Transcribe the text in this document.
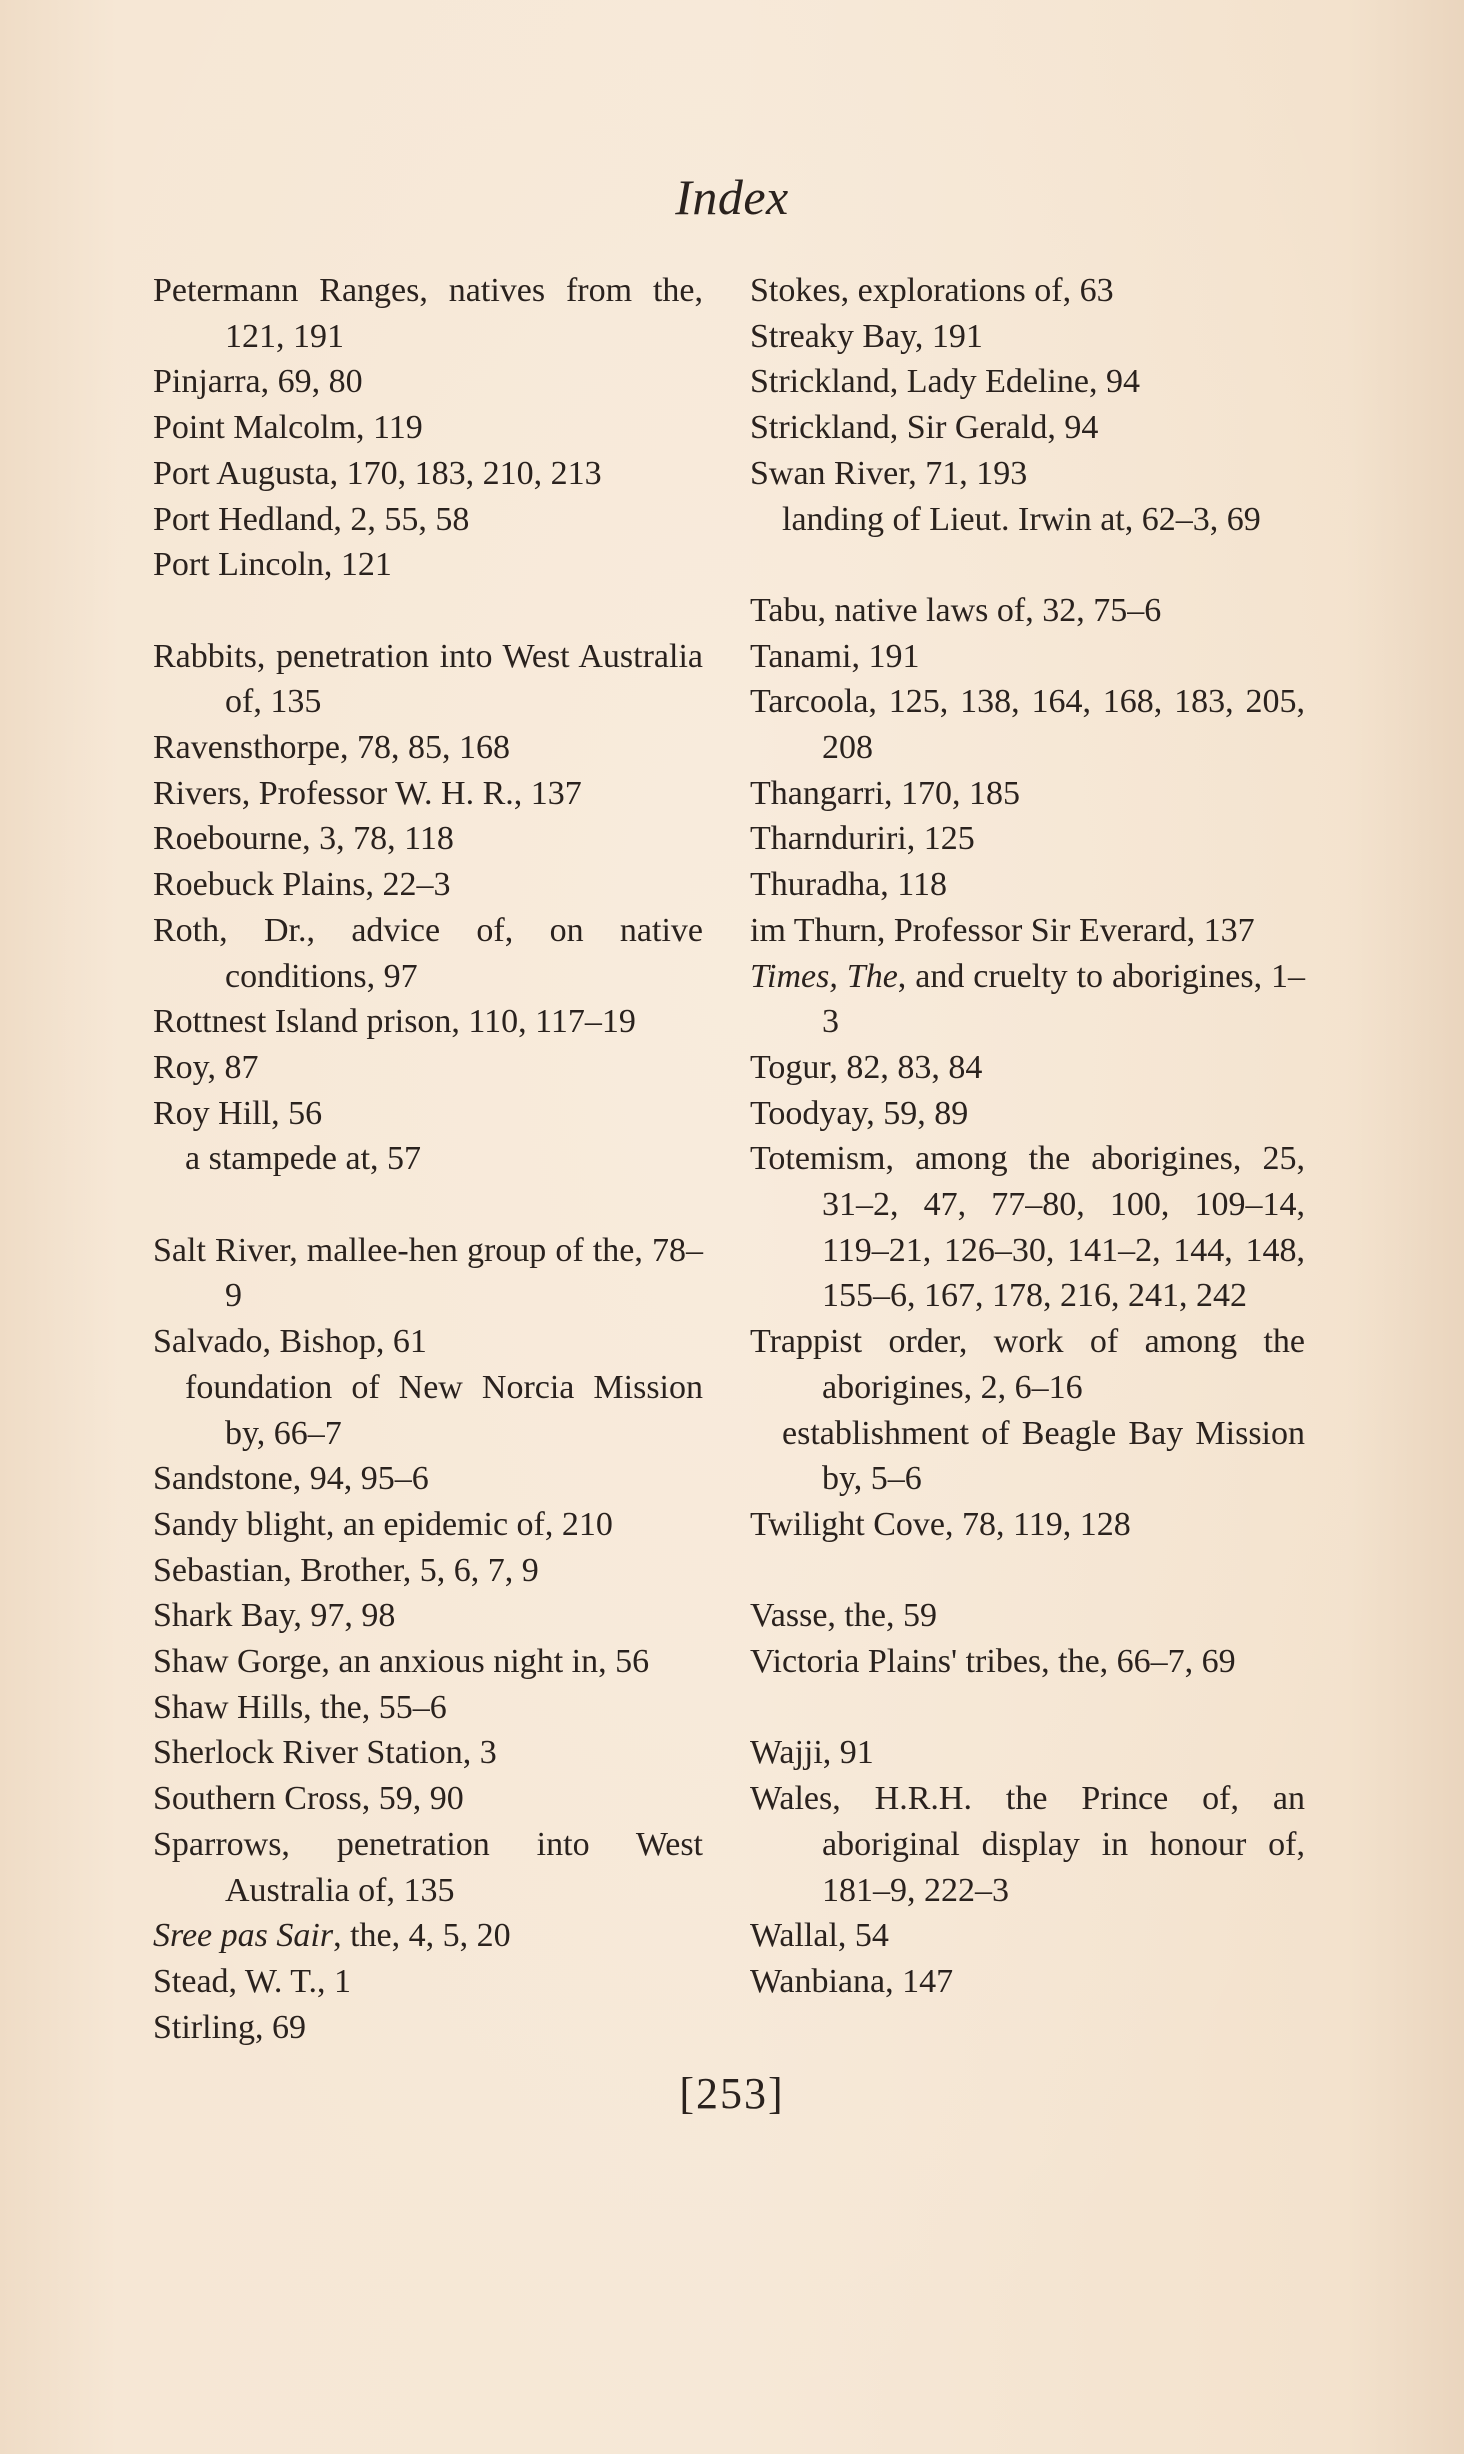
Index
Petermann Ranges, natives from the, 121, 191
Pinjarra, 69, 80
Point Malcolm, 119
Port Augusta, 170, 183, 210, 213
Port Hedland, 2, 55, 58
Port Lincoln, 121
Rabbits, penetration into West Australia of, 135
Ravensthorpe, 78, 85, 168
Rivers, Professor W. H. R., 137
Roebourne, 3, 78, 118
Roebuck Plains, 22–3
Roth, Dr., advice of, on native conditions, 97
Rottnest Island prison, 110, 117–19
Roy, 87
Roy Hill, 56
a stampede at, 57
Salt River, mallee-hen group of the, 78–9
Salvado, Bishop, 61
foundation of New Norcia Mission by, 66–7
Sandstone, 94, 95–6
Sandy blight, an epidemic of, 210
Sebastian, Brother, 5, 6, 7, 9
Shark Bay, 97, 98
Shaw Gorge, an anxious night in, 56
Shaw Hills, the, 55–6
Sherlock River Station, 3
Southern Cross, 59, 90
Sparrows, penetration into West Australia of, 135
Sree pas Sair, the, 4, 5, 20
Stead, W. T., 1
Stirling, 69
Stokes, explorations of, 63
Streaky Bay, 191
Strickland, Lady Edeline, 94
Strickland, Sir Gerald, 94
Swan River, 71, 193
landing of Lieut. Irwin at, 62–3, 69
Tabu, native laws of, 32, 75–6
Tanami, 191
Tarcoola, 125, 138, 164, 168, 183, 205, 208
Thangarri, 170, 185
Tharnduriri, 125
Thuradha, 118
im Thurn, Professor Sir Everard, 137
Times, The, and cruelty to aborigines, 1–3
Togur, 82, 83, 84
Toodyay, 59, 89
Totemism, among the aborigines, 25, 31–2, 47, 77–80, 100, 109–14, 119–21, 126–30, 141–2, 144, 148, 155–6, 167, 178, 216, 241, 242
Trappist order, work of among the aborigines, 2, 6–16
establishment of Beagle Bay Mission by, 5–6
Twilight Cove, 78, 119, 128
Vasse, the, 59
Victoria Plains' tribes, the, 66–7, 69
Wajji, 91
Wales, H.R.H. the Prince of, an aboriginal display in honour of, 181–9, 222–3
Wallal, 54
Wanbiana, 147
[253]
